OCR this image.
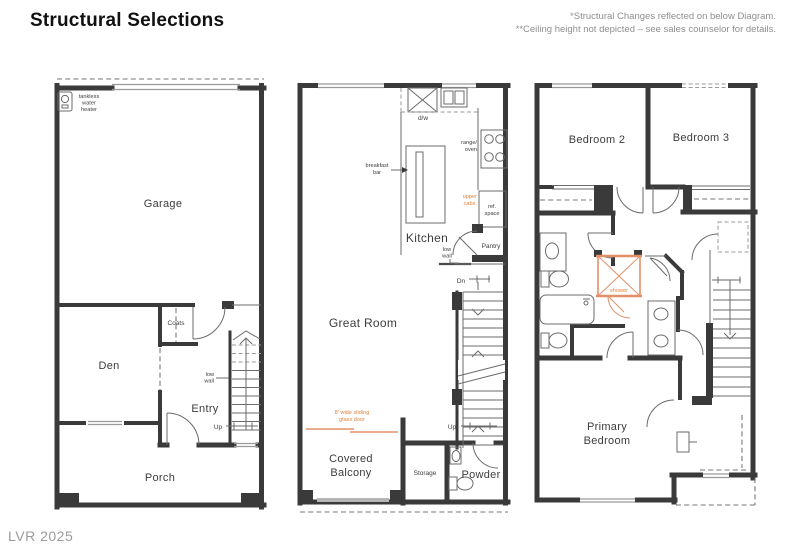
Structural Selections	*Structural Changes reflected on below Diagram.
**Ceiling height not depicted – see sales counselor for details.
tankless
water
heater
Garage
Den
Coats
Entry
Porch
Up
low
wall
d/w
range/
oven
breakfast
bar
upper
cabs. ref.
space
Kitchen
Pantry
low
wall
Great Room
Dn
Up
8' wide sliding
glass door
Covered
Balcony	Storage Powder
Bedroom 2	Bedroom 3
Primary
Bedroom
shower
LVR 2025
